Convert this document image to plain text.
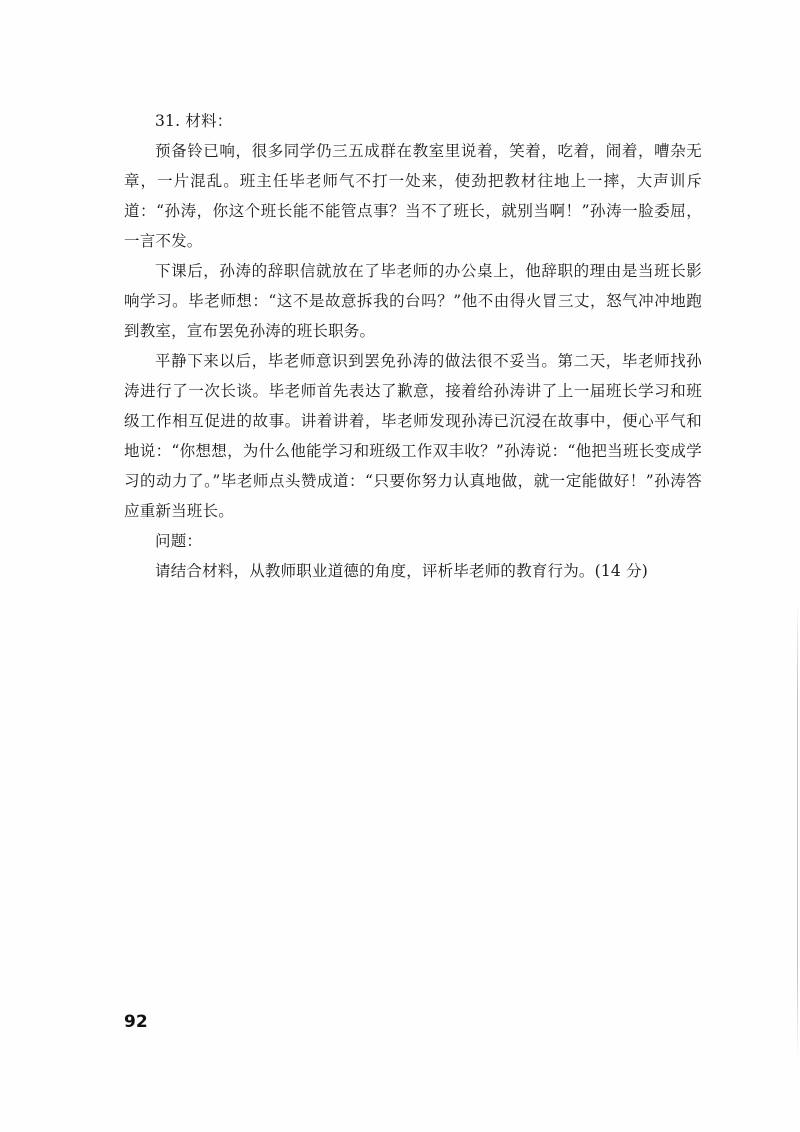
31. 材料：

预备铃已响，很多同学仍三五成群在教室里说着，笑着，吃着，闹着，嘈杂无章，一片混乱。班主任毕老师气不打一处来，使劲把教材往地上一摔，大声训斥道：“孙涛，你这个班长能不能管点事？当不了班长，就别当啊！”孙涛一脸委屈，一言不发。

下课后，孙涛的辞职信就放在了毕老师的办公桌上，他辞职的理由是当班长影响学习。毕老师想：“这不是故意拆我的台吗？”他不由得火冒三丈，怒气冲冲地跑到教室，宣布罢免孙涛的班长职务。

平静下来以后，毕老师意识到罢免孙涛的做法很不妥当。第二天，毕老师找孙涛进行了一次长谈。毕老师首先表达了歉意，接着给孙涛讲了上一届班长学习和班级工作相互促进的故事。讲着讲着，毕老师发现孙涛已沉浸在故事中，便心平气和地说：“你想想，为什么他能学习和班级工作双丰收？”孙涛说：“他把当班长变成学习的动力了。”毕老师点头赞成道：“只要你努力认真地做，就一定能做好！”孙涛答应重新当班长。

问题：

请结合材料，从教师职业道德的角度，评析毕老师的教育行为。(14 分)

92
